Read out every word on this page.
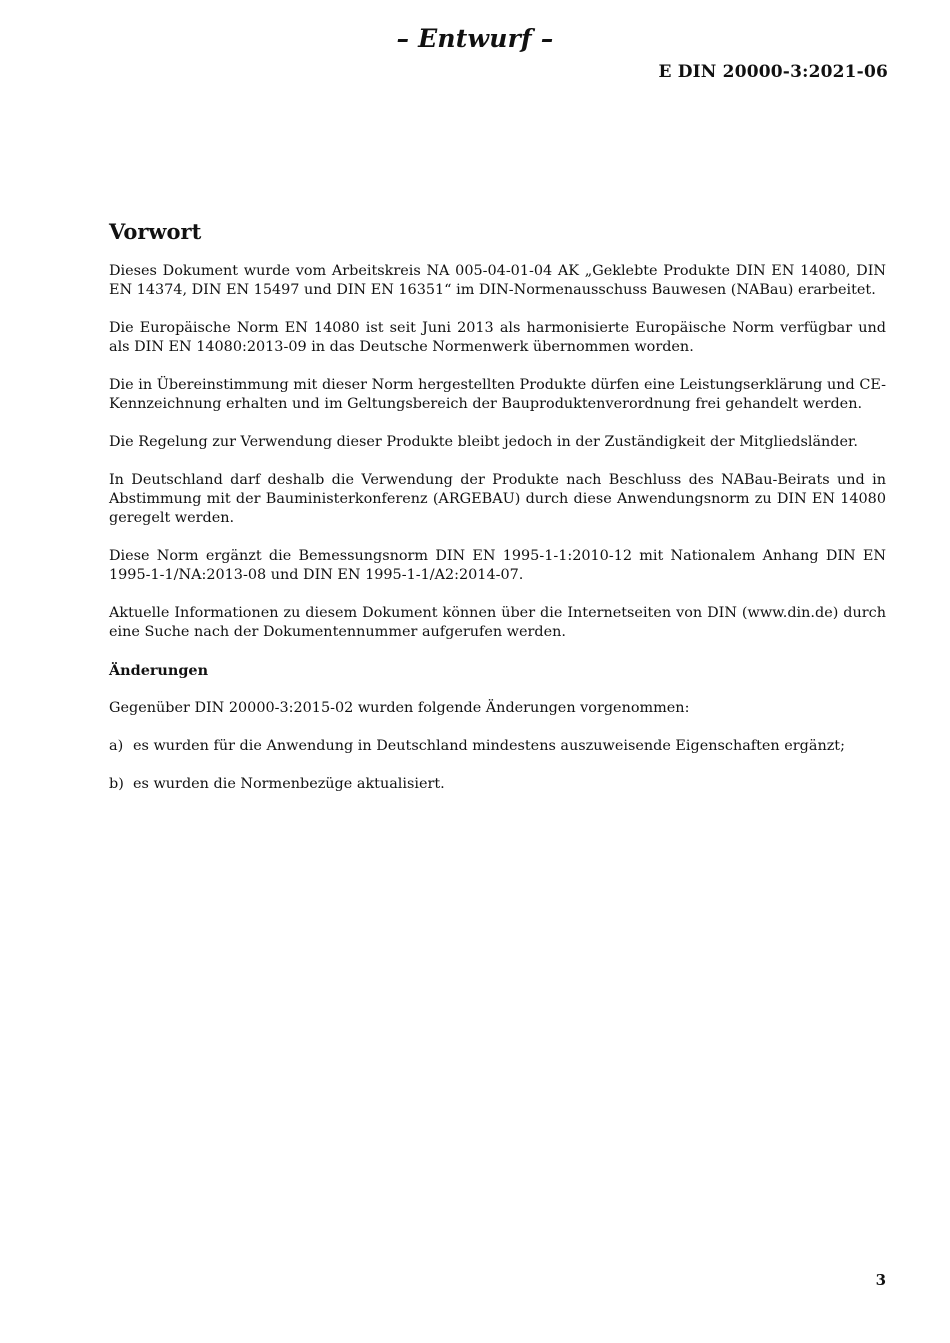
– Entwurf –
E DIN 20000-3:2021-06
Vorwort

Dieses Dokument wurde vom Arbeitskreis NA 005-04-01-04 AK „Geklebte Produkte DIN EN 14080, DIN EN 14374, DIN EN 15497 und DIN EN 16351“ im DIN-Normenausschuss Bauwesen (NABau) erarbeitet.

Die Europäische Norm EN 14080 ist seit Juni 2013 als harmonisierte Europäische Norm verfügbar und als DIN EN 14080:2013-09 in das Deutsche Normenwerk übernommen worden.

Die in Übereinstimmung mit dieser Norm hergestellten Produkte dürfen eine Leistungserklärung und CE-Kennzeichnung erhalten und im Geltungsbereich der Bauproduktenverordnung frei gehandelt werden.

Die Regelung zur Verwendung dieser Produkte bleibt jedoch in der Zuständigkeit der Mitgliedsländer.

In Deutschland darf deshalb die Verwendung der Produkte nach Beschluss des NABau-Beirats und in Abstimmung mit der Bauministerkonferenz (ARGEBAU) durch diese Anwendungsnorm zu DIN EN 14080 geregelt werden.

Diese Norm ergänzt die Bemessungsnorm DIN EN 1995-1-1:2010-12 mit Nationalem Anhang DIN EN 1995-1-1/NA:2013-08 und DIN EN 1995-1-1/A2:2014-07.

Aktuelle Informationen zu diesem Dokument können über die Internetseiten von DIN (www.din.de) durch eine Suche nach der Dokumentennummer aufgerufen werden.

Änderungen

Gegenüber DIN 20000-3:2015-02 wurden folgende Änderungen vorgenommen:

a) es wurden für die Anwendung in Deutschland mindestens auszuweisende Eigenschaften ergänzt;
b) es wurden die Normenbezüge aktualisiert.
3
